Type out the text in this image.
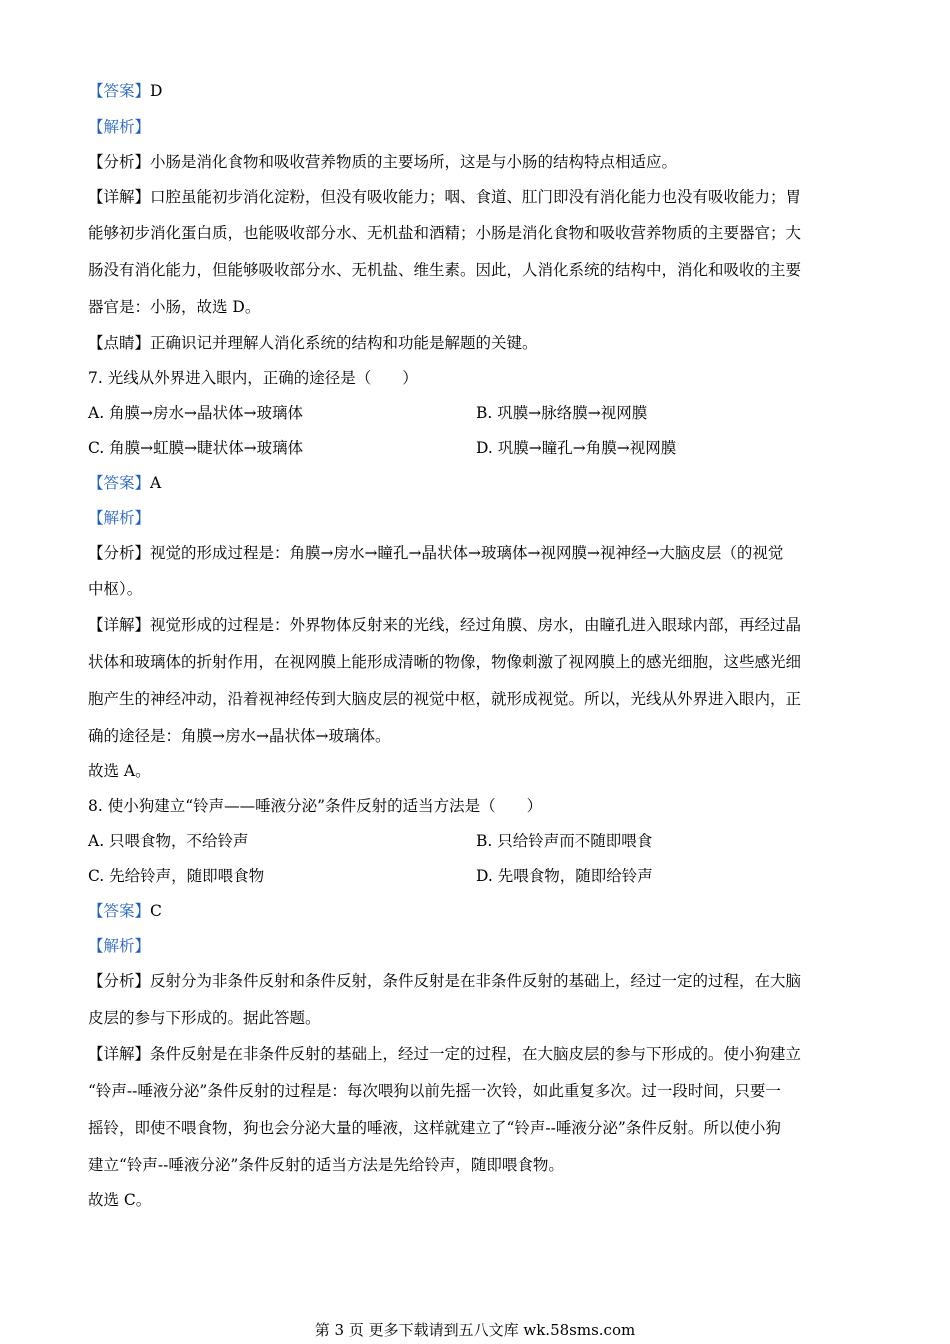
【答案】D
【解析】
【分析】小肠是消化食物和吸收营养物质的主要场所，这是与小肠的结构特点相适应。
【详解】口腔虽能初步消化淀粉，但没有吸收能力；咽、食道、肛门即没有消化能力也没有吸收能力；胃
能够初步消化蛋白质，也能吸收部分水、无机盐和酒精；小肠是消化食物和吸收营养物质的主要器官；大
肠没有消化能力，但能够吸收部分水、无机盐、维生素。因此，人消化系统的结构中，消化和吸收的主要
器官是：小肠，故选 D。
【点睛】正确识记并理解人消化系统的结构和功能是解题的关键。
7. 光线从外界进入眼内，正确的途径是（　　）
A. 角膜→房水→晶状体→玻璃体	B. 巩膜→脉络膜→视网膜
C. 角膜→虹膜→睫状体→玻璃体	D. 巩膜→瞳孔→角膜→视网膜
【答案】A
【解析】
【分析】视觉的形成过程是：角膜→房水→瞳孔→晶状体→玻璃体→视网膜→视神经→大脑皮层（的视觉
中枢）。
【详解】视觉形成的过程是：外界物体反射来的光线，经过角膜、房水，由瞳孔进入眼球内部，再经过晶
状体和玻璃体的折射作用，在视网膜上能形成清晰的物像，物像刺激了视网膜上的感光细胞，这些感光细
胞产生的神经冲动，沿着视神经传到大脑皮层的视觉中枢，就形成视觉。所以，光线从外界进入眼内，正
确的途径是：角膜→房水→晶状体→玻璃体。
故选 A。
8. 使小狗建立“铃声——唾液分泌”条件反射的适当方法是（　　）
A. 只喂食物，不给铃声	B. 只给铃声而不随即喂食
C. 先给铃声，随即喂食物	D. 先喂食物，随即给铃声
【答案】C
【解析】
【分析】反射分为非条件反射和条件反射，条件反射是在非条件反射的基础上，经过一定的过程，在大脑
皮层的参与下形成的。据此答题。
【详解】条件反射是在非条件反射的基础上，经过一定的过程，在大脑皮层的参与下形成的。使小狗建立
“铃声--唾液分泌”条件反射的过程是：每次喂狗以前先摇一次铃，如此重复多次。过一段时间，只要一
摇铃，即使不喂食物，狗也会分泌大量的唾液，这样就建立了“铃声--唾液分泌”条件反射。所以使小狗
建立“铃声--唾液分泌”条件反射的适当方法是先给铃声，随即喂食物。
故选 C。
第 3 页 更多下载请到五八文库 wk.58sms.com
